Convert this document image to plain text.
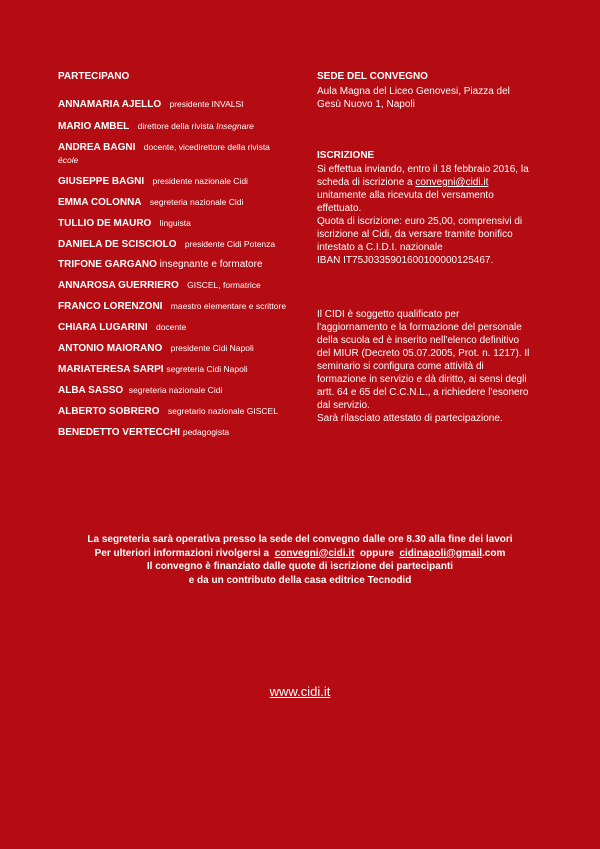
PARTECIPANO
ANNAMARIA AJELLO presidente INVALSI
MARIO AMBEL direttore della rivista Insegnare
ANDREA BAGNI docente, vicedirettore della rivista école
GIUSEPPE BAGNI presidente nazionale Cidi
EMMA COLONNA segreteria nazionale Cidi
TULLIO DE MAURO linguista
DANIELA DE SCISCIOLO presidente Cidi Potenza
TRIFONE GARGANO insegnante e formatore
ANNAROSA GUERRIERO GISCEL, formatrice
FRANCO LORENZONI maestro elementare e scrittore
CHIARA LUGARINI docente
ANTONIO MAIORANO presidente Cidi Napoli
MARIATERESA SARPI segreteria Cidi Napoli
ALBA SASSO segreteria nazionale Cidi
ALBERTO SOBRERO segretario nazionale GISCEL
BENEDETTO VERTECCHI pedagogista
SEDE DEL CONVEGNO
Aula Magna del Liceo Genovesi, Piazza del Gesù Nuovo 1, Napoli
ISCRIZIONE
Si effettua inviando, entro il 18 febbraio 2016, la scheda di iscrizione a convegni@cidi.it  unitamente alla ricevuta del versamento effettuato.
Quota di iscrizione: euro 25,00, comprensivi di iscrizione al Cidi, da versare tramite bonifico intestato a C.I.D.I. nazionale
IBAN IT75J0335901600100000125467.
Il CIDI è soggetto qualificato per l'aggiornamento e la formazione del personale della scuola ed è inserito nell'elenco definitivo del MIUR (Decreto 05.07.2005, Prot. n. 1217). Il seminario si configura come attività di formazione in servizio e dà diritto, ai sensi degli artt. 64 e 65 del C.C.N.L., a richiedere l'esonero dal servizio.
Sarà rilasciato attestato di partecipazione.
La segreteria sarà operativa presso la sede del convegno dalle ore 8.30 alla fine dei lavori
Per ulteriori informazioni rivolgersi a convegni@cidi.it oppure cidinapoli@gmail.com
Il convegno è finanziato dalle quote di iscrizione dei partecipanti
e da un contributo della casa editrice Tecnodid
www.cidi.it
